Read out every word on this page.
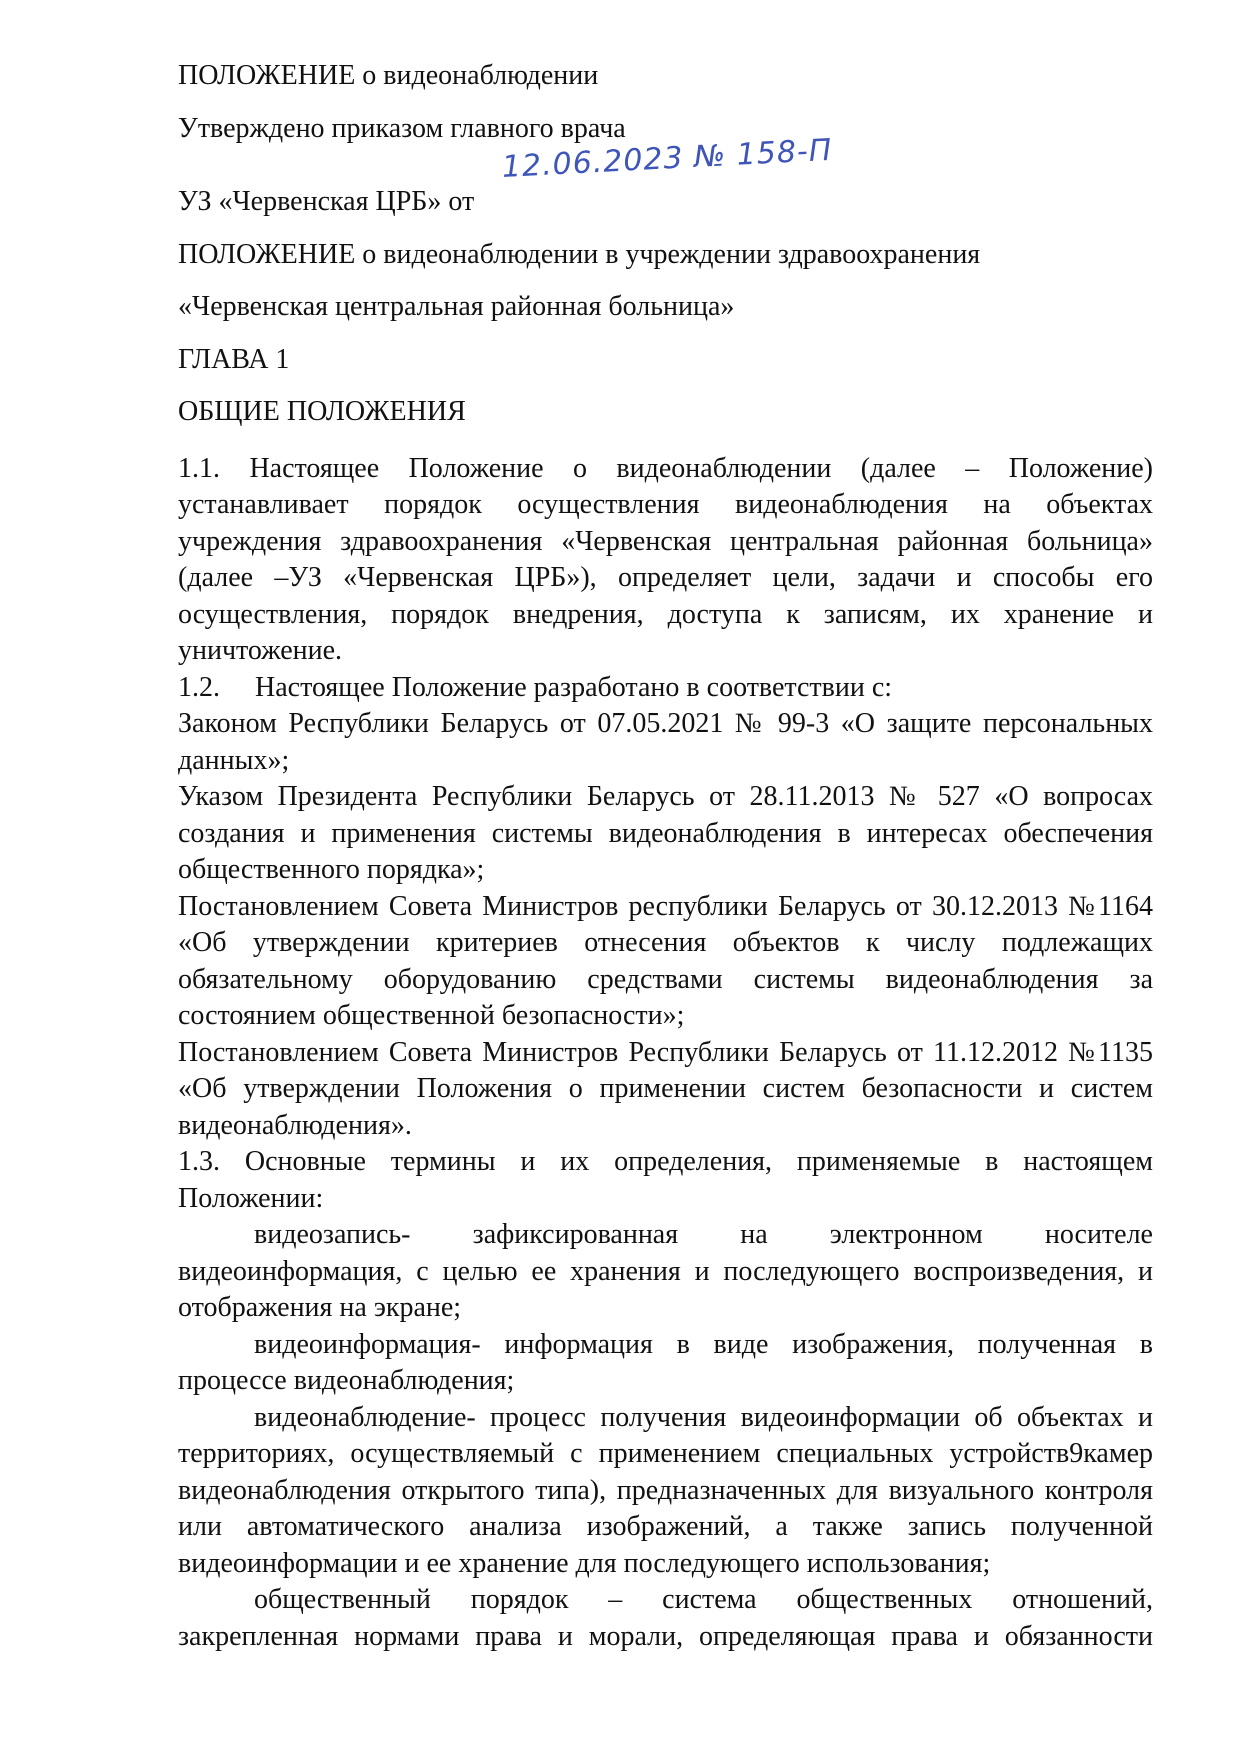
ПОЛОЖЕНИЕ о видеонаблюдении
Утверждено приказом главного врача
УЗ «Червенская ЦРБ» от
12.06.2023 № 158-П
ПОЛОЖЕНИЕ о видеонаблюдении в учреждении здравоохранения
«Червенская центральная районная больница»
ГЛАВА 1
ОБЩИЕ ПОЛОЖЕНИЯ

1.1. Настоящее Положение о видеонаблюдении (далее – Положение) устанавливает порядок осуществления видеонаблюдения на объектах учреждения здравоохранения «Червенская центральная районная больница» (далее –УЗ «Червенская ЦРБ»), определяет цели, задачи и способы его осуществления, порядок внедрения, доступа к записям, их хранение и уничтожение.

1.2.     Настоящее Положение разработано в соответствии с:

Законом Республики Беларусь от 07.05.2021 № 99-3 «О защите персональных данных»;

Указом Президента Республики Беларусь от 28.11.2013 № 527 «О вопросах создания и применения системы видеонаблюдения в интересах обеспечения общественного порядка»;

Постановлением Совета Министров республики Беларусь от 30.12.2013 №1164 «Об утверждении критериев отнесения объектов к числу подлежащих обязательному оборудованию средствами системы видеонаблюдения за состоянием общественной безопасности»;

Постановлением Совета Министров Республики Беларусь от 11.12.2012 №1135 «Об утверждении Положения о применении систем безопасности и систем видеонаблюдения».

1.3. Основные термины и их определения, применяемые в настоящем Положении:

видеозапись- зафиксированная на электронном носителе видеоинформация, с целью ее хранения и последующего воспроизведения, и отображения на экране;

видеоинформация- информация в виде изображения, полученная в процессе видеонаблюдения;

видеонаблюдение- процесс получения видеоинформации об объектах и территориях, осуществляемый с применением специальных устройств9камер видеонаблюдения открытого типа), предназначенных для визуального контроля или автоматического анализа изображений, а также запись полученной видеоинформации и ее хранение для последующего использования;

общественный порядок – система общественных отношений, закрепленная нормами права и морали, определяющая права и обязанности
